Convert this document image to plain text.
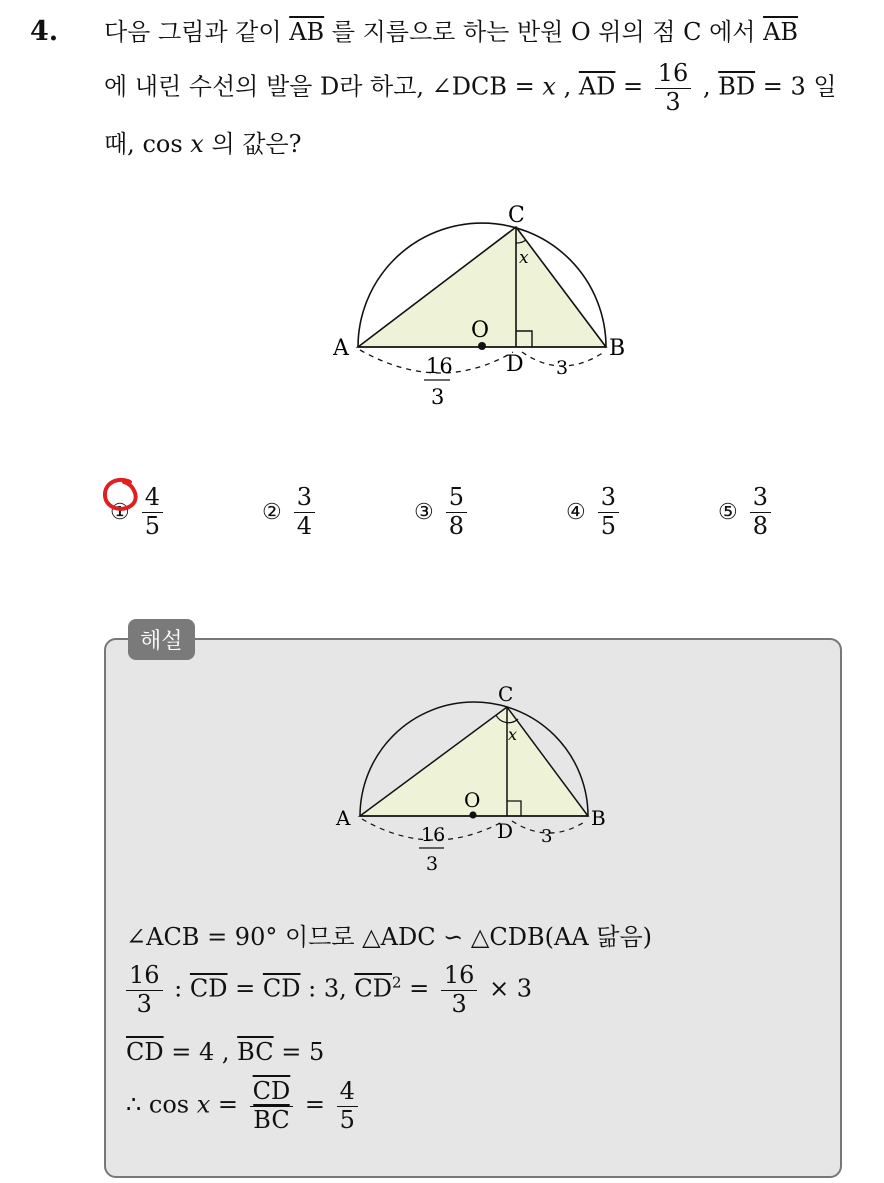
4. 다음 그림과 같이 $\overline{AB}$ 를 지름으로 하는 반원 O 위의 점 C 에서 $\overline{AB}$
에 내린 수선의 발을 D라 하고, ∠DCB = x , $\overline{AD} = \frac{16}{3}$ , $\overline{BD} = 3$ 일
때, cos x 의 값은?
C
A	B
O
D
x
16
3
3
① $\frac{4}{5}$	② $\frac{3}{4}$	③ $\frac{5}{8}$	④ $\frac{3}{5}$	⑤ $\frac{3}{8}$
해설
C
A	B
O
D
x
16
3
3
∠ACB = 90° 이므로 △ADC ∽ △CDB(AA 닮음)
$\frac{16}{3}$ : $\overline{CD} = \overline{CD}$ : 3, $\overline{CD}^2 = \frac{16}{3} \times 3$
$\overline{CD} = 4$ , $\overline{BC} = 5$
∴ $\cos x = \frac{\overline{CD}}{BC} = \frac{4}{5}$
